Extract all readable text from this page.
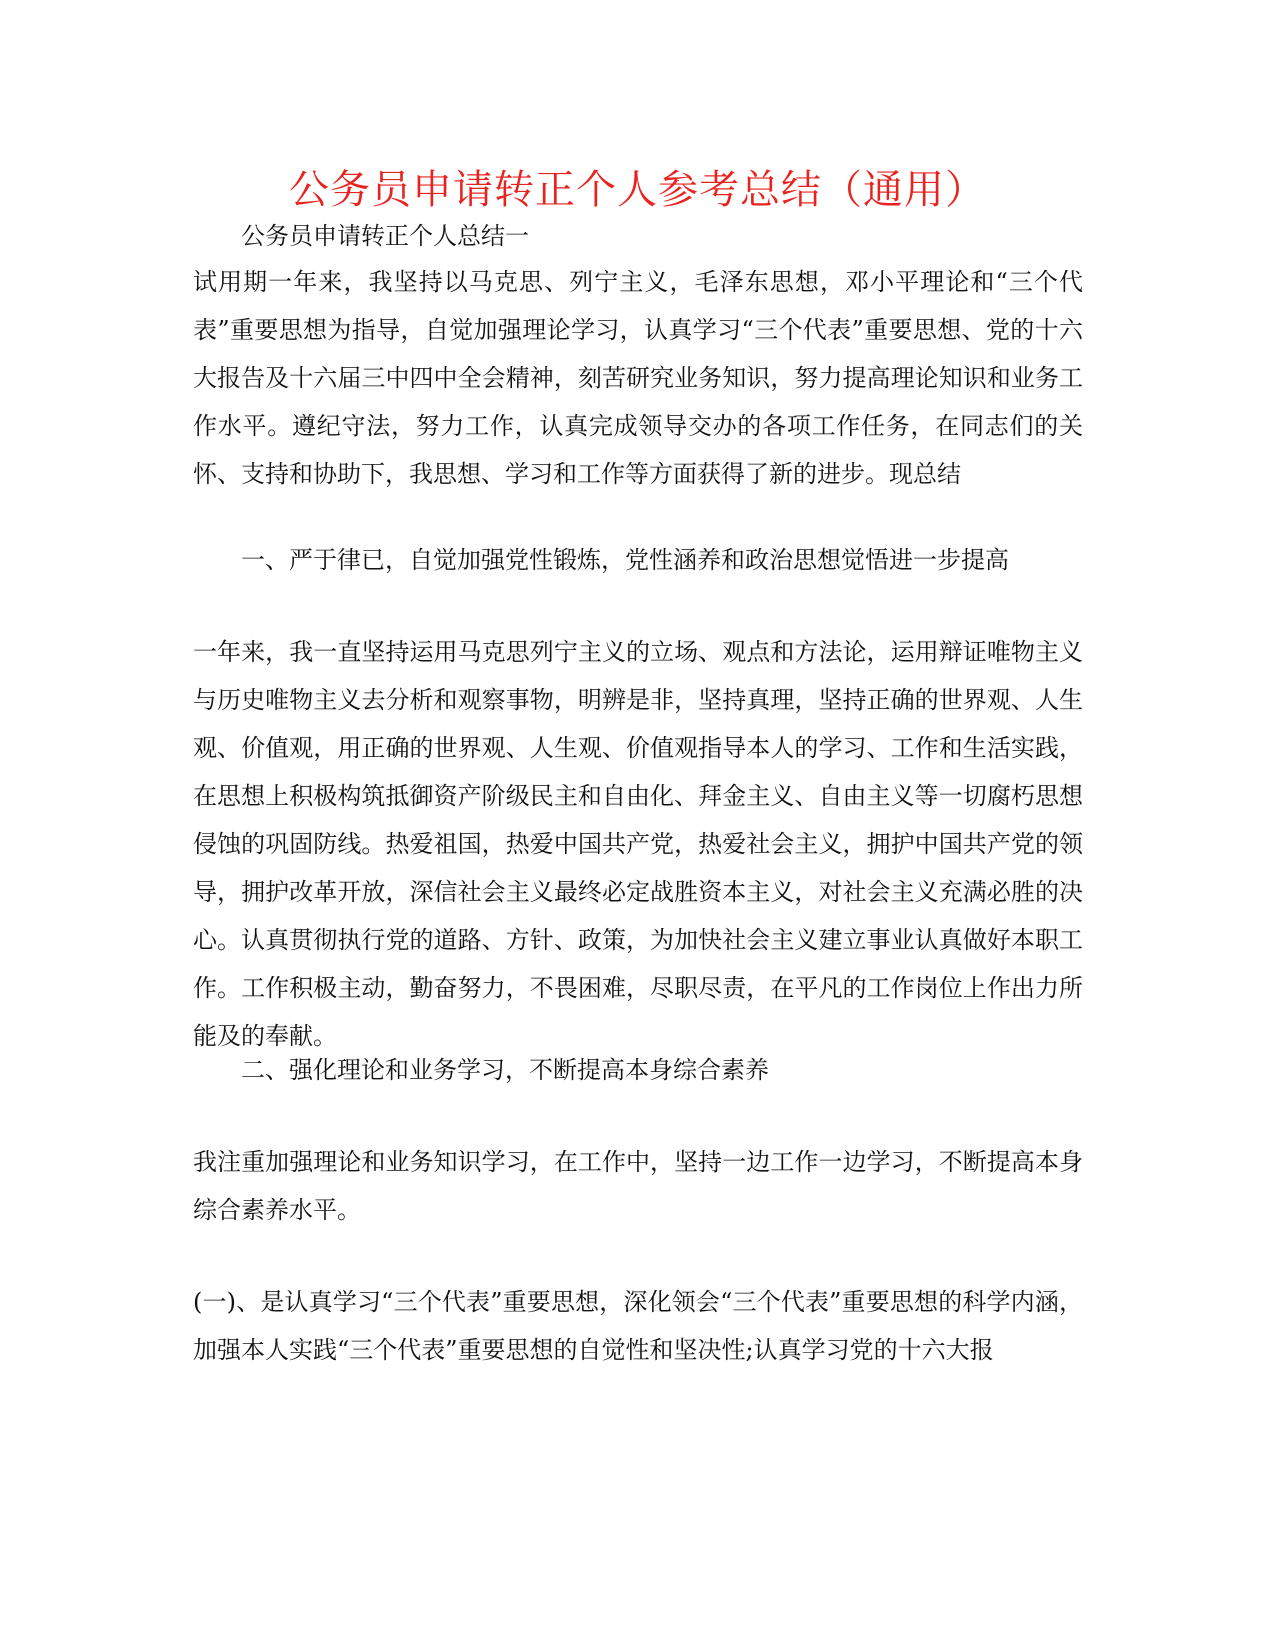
公务员申请转正个人参考总结（通用）

公务员申请转正个人总结一

试用期一年来，我坚持以马克思、列宁主义，毛泽东思想，邓小平理论和“三个代表”重要思想为指导，自觉加强理论学习，认真学习“三个代表”重要思想、党的十六大报告及十六届三中四中全会精神，刻苦研究业务知识，努力提高理论知识和业务工作水平。遵纪守法，努力工作，认真完成领导交办的各项工作任务，在同志们的关怀、支持和协助下，我思想、学习和工作等方面获得了新的进步。现总结

一、严于律已，自觉加强党性锻炼，党性涵养和政治思想觉悟进一步提高

一年来，我一直坚持运用马克思列宁主义的立场、观点和方法论，运用辩证唯物主义与历史唯物主义去分析和观察事物，明辨是非，坚持真理，坚持正确的世界观、人生观、价值观，用正确的世界观、人生观、价值观指导本人的学习、工作和生活实践，在思想上积极构筑抵御资产阶级民主和自由化、拜金主义、自由主义等一切腐朽思想侵蚀的巩固防线。热爱祖国，热爱中国共产党，热爱社会主义，拥护中国共产党的领导，拥护改革开放，深信社会主义最终必定战胜资本主义，对社会主义充满必胜的决心。认真贯彻执行党的道路、方针、政策，为加快社会主义建立事业认真做好本职工作。工作积极主动，勤奋努力，不畏困难，尽职尽责，在平凡的工作岗位上作出力所能及的奉献。

二、强化理论和业务学习，不断提高本身综合素养

我注重加强理论和业务知识学习，在工作中，坚持一边工作一边学习，不断提高本身综合素养水平。

(一)、是认真学习“三个代表”重要思想，深化领会“三个代表”重要思想的科学内涵，加强本人实践“三个代表”重要思想的自觉性和坚决性;认真学习党的十六大报
